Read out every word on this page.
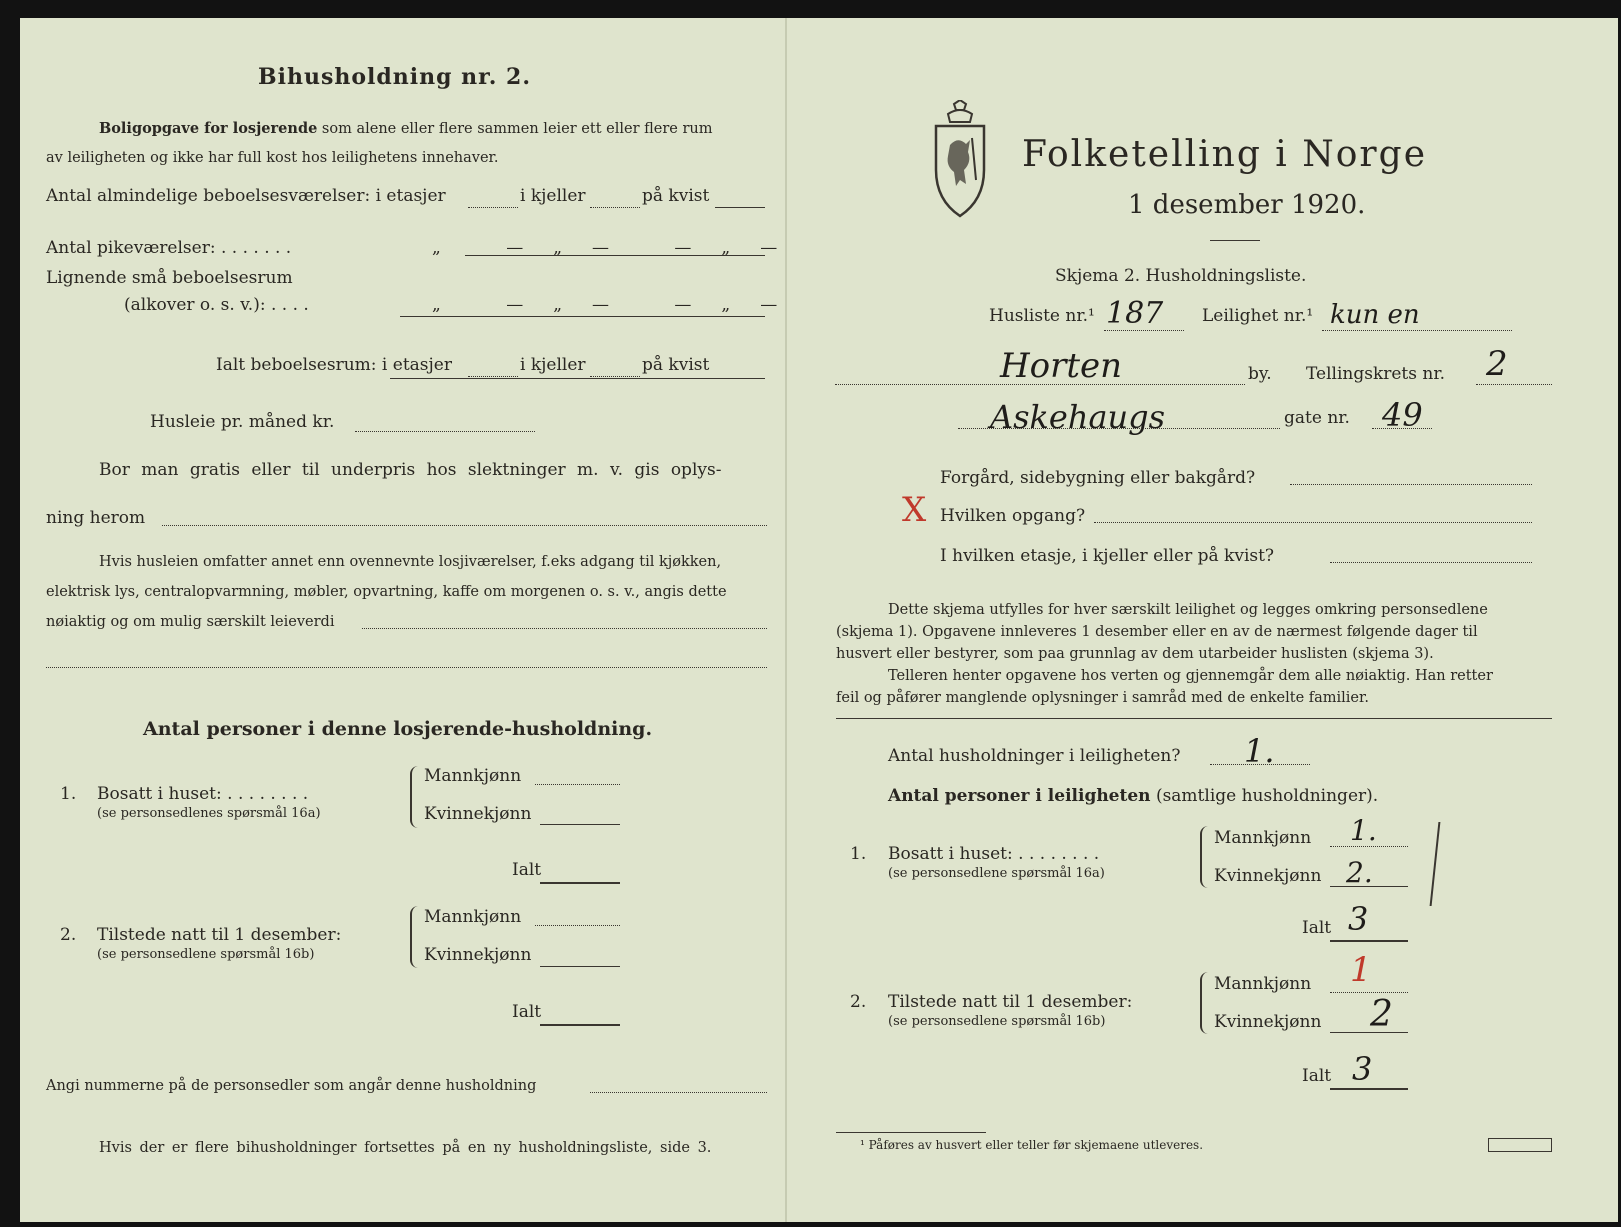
Bihusholdning nr. 2.
Boligopgave for losjerende som alene eller flere sammen leier ett eller flere rum
av leiligheten og ikke har full kost hos leilighetens innehaver.
Antal almindelige beboelsesværelser: i etasjer	i kjeller	på kvist
Antal pikeværelser: . . . . . . .	„ —„— —„—
Lignende små beboelsesrum
(alkover o. s. v.): . . . .	„ —„— —„—
Ialt beboelsesrum: i etasjer	i kjeller	på kvist
Husleie pr. måned kr.
Bor man gratis eller til underpris hos slektninger m. v. gis oplys-
ning herom
Hvis husleien omfatter annet enn ovennevnte losjiværelser, f.eks adgang til kjøkken,
elektrisk lys, centralopvarmning, møbler, opvartning, kaffe om morgenen o. s. v., angis dette
nøiaktig og om mulig særskilt leieverdi
Antal personer i denne losjerende-husholdning.
1. Bosatt i huset: . . . . . . . .
(se personsedlenes spørsmål 16a)
Mannkjønn
Kvinnekjønn
Ialt
2. Tilstede natt til 1 desember:
(se personsedlene spørsmål 16b)
Mannkjønn
Kvinnekjønn
Ialt
Angi nummerne på de personsedler som angår denne husholdning
Hvis der er flere bihusholdninger fortsettes på en ny husholdningsliste, side 3.
Folketelling i Norge
1 desember 1920.
Skjema 2. Husholdningsliste.
Husliste nr.¹ 187 Leilighet nr.¹ kun en
Horten	by. Tellingskrets nr. 2
Askehaugs	gate nr. 49
Forgård, sidebygning eller bakgård?
X Hvilken opgang?
I hvilken etasje, i kjeller eller på kvist?
Dette skjema utfylles for hver særskilt leilighet og legges omkring personsedlene
(skjema 1). Opgavene innleveres 1 desember eller en av de nærmest følgende dager til
husvert eller bestyrer, som paa grunnlag av dem utarbeider huslisten (skjema 3).
Telleren henter opgavene hos verten og gjennemgår dem alle nøiaktig. Han retter
feil og påfører manglende oplysninger i samråd med de enkelte familier.
Antal husholdninger i leiligheten? 1.
Antal personer i leiligheten (samtlige husholdninger).
1. Bosatt i huset: . . . . . . . .
(se personsedlene spørsmål 16a)
Mannkjønn 1.
Kvinnekjønn 2.
Ialt 3
2. Tilstede natt til 1 desember:
(se personsedlene spørsmål 16b)
Mannkjønn 1
Kvinnekjønn 2
Ialt 3
¹ Påføres av husvert eller teller før skjemaene utleveres.
